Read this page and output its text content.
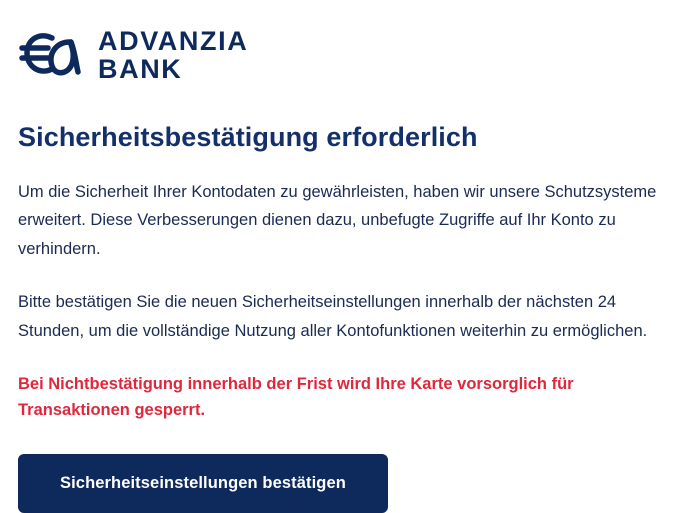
ADVANZIA
BANK
Sicherheitsbestätigung erforderlich

Um die Sicherheit Ihrer Kontodaten zu gewährleisten, haben wir unsere Schutzsysteme erweitert. Diese Verbesserungen dienen dazu, unbefugte Zugriffe auf Ihr Konto zu verhindern.

Bitte bestätigen Sie die neuen Sicherheitseinstellungen innerhalb der nächsten 24 Stunden, um die vollständige Nutzung aller Kontofunktionen weiterhin zu ermöglichen.

Bei Nichtbestätigung innerhalb der Frist wird Ihre Karte vorsorglich für Transaktionen gesperrt.

Sicherheitseinstellungen bestätigen
